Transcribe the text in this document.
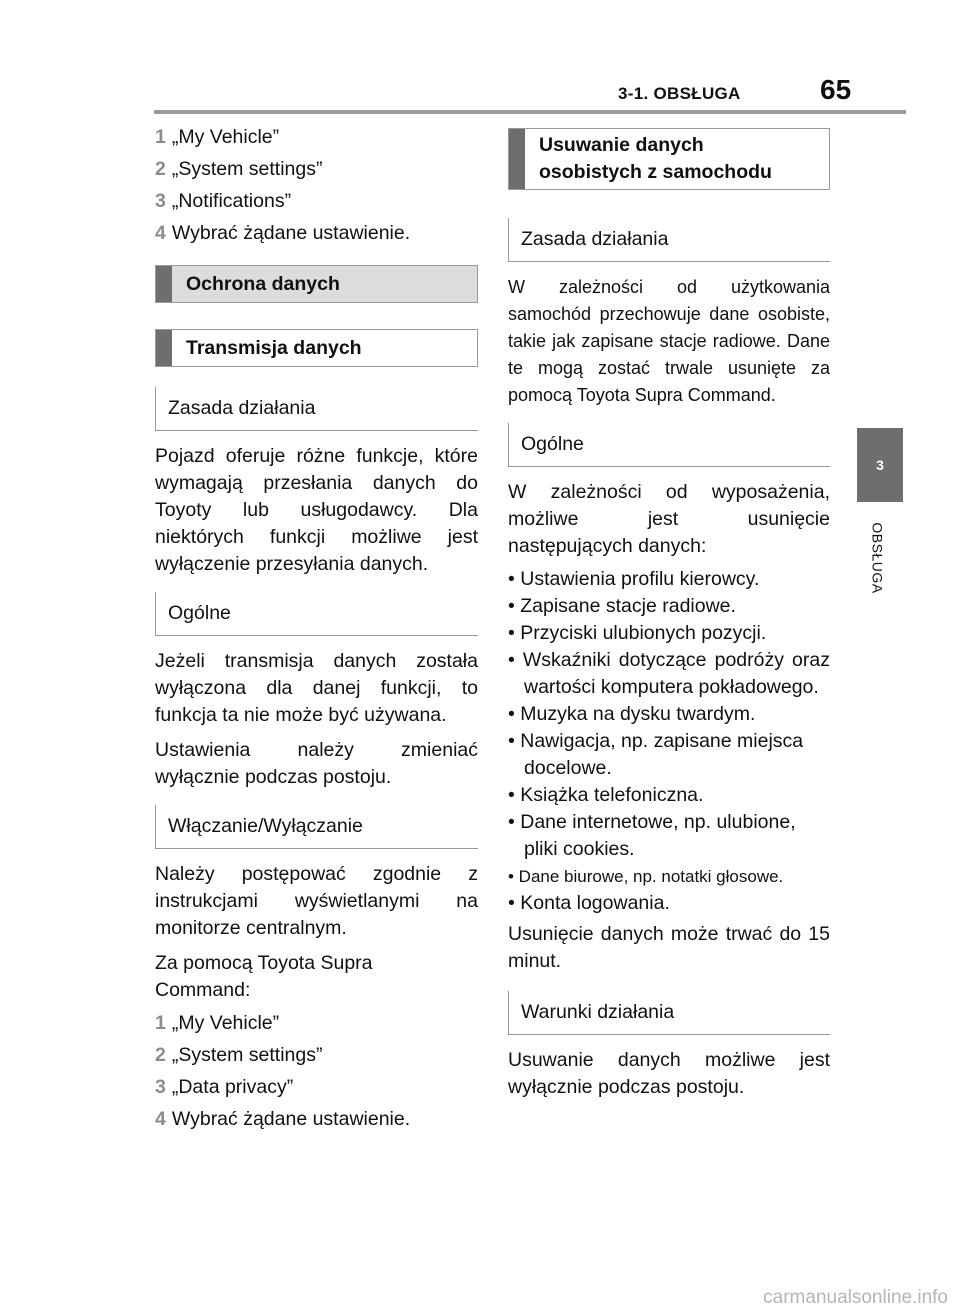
3-1. OBSŁUGA	65
3
OBSŁUGA
1 „My Vehicle”
2 „System settings”
3 „Notifications”
4 Wybrać żądane ustawienie.
Ochrona danych
Transmisja danych
Zasada działania

Pojazd oferuje różne funkcje, które wymagają przesłania danych do Toyoty lub usługodawcy. Dla niektórych funkcji możliwe jest wyłączenie przesyłania danych.

Ogólne

Jeżeli transmisja danych została wyłączona dla danej funkcji, to funkcja ta nie może być używana.

Ustawienia należy zmieniać wyłącznie podczas postoju.

Włączanie/Wyłączanie

Należy postępować zgodnie z instrukcjami wyświetlanymi na monitorze centralnym.

Za pomocą Toyota Supra Command:

1 „My Vehicle”
2 „System settings”
3 „Data privacy”
4 Wybrać żądane ustawienie.
Usuwanie danych
osobistych z samochodu
Zasada działania

W zależności od użytkowania samochód przechowuje dane osobiste, takie jak zapisane stacje radiowe. Dane te mogą zostać trwale usunięte za pomocą Toyota Supra Command.

Ogólne

W zależności od wyposażenia, możliwe jest usunięcie następujących danych:

• Ustawienia profilu kierowcy.

• Zapisane stacje radiowe.

• Przyciski ulubionych pozycji.

• Wskaźniki dotyczące podróży oraz wartości komputera pokładowego.

• Muzyka na dysku twardym.

• Nawigacja, np. zapisane miejsca docelowe.

• Książka telefoniczna.

• Dane internetowe, np. ulubione, pliki cookies.

• Dane biurowe, np. notatki głosowe.

• Konta logowania.

Usunięcie danych może trwać do 15 minut.

Warunki działania

Usuwanie danych możliwe jest wyłącznie podczas postoju.

carmanualsonline.info
